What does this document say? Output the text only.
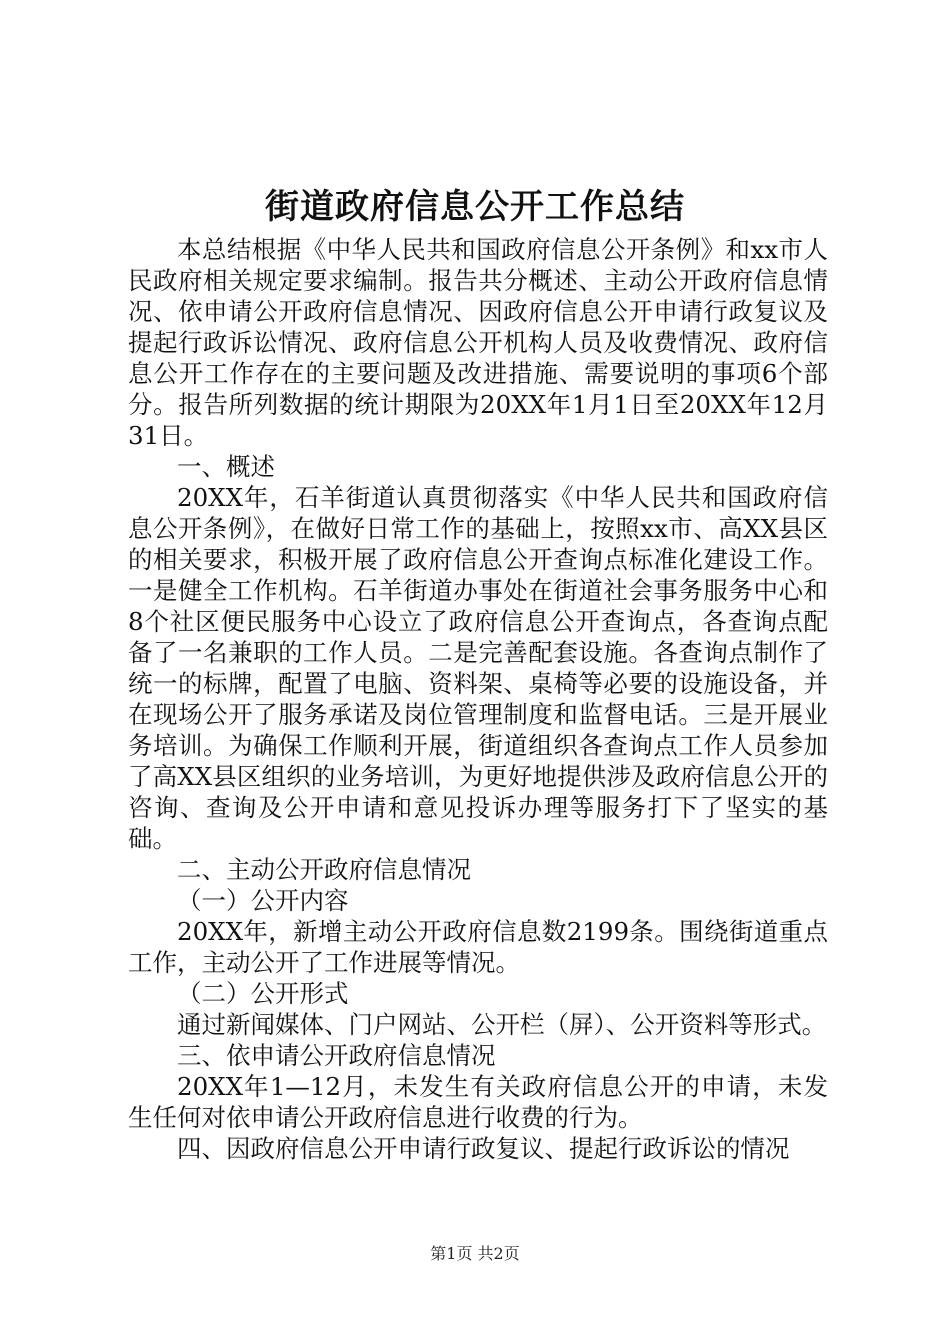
街道政府信息公开工作总结

本总结根据《中华人民共和国政府信息公开条例》和xx市人民政府相关规定要求编制。报告共分概述、主动公开政府信息情况、依申请公开政府信息情况、因政府信息公开申请行政复议及提起行政诉讼情况、政府信息公开机构人员及收费情况、政府信息公开工作存在的主要问题及改进措施、需要说明的事项6个部分。报告所列数据的统计期限为20XX年1月1日至20XX年12月31日。

一、概述

20XX年，石羊街道认真贯彻落实《中华人民共和国政府信息公开条例》，在做好日常工作的基础上，按照xx市、高XX县区的相关要求，积极开展了政府信息公开查询点标准化建设工作。一是健全工作机构。石羊街道办事处在街道社会事务服务中心和8个社区便民服务中心设立了政府信息公开查询点，各查询点配备了一名兼职的工作人员。二是完善配套设施。各查询点制作了统一的标牌，配置了电脑、资料架、桌椅等必要的设施设备，并在现场公开了服务承诺及岗位管理制度和监督电话。三是开展业务培训。为确保工作顺利开展，街道组织各查询点工作人员参加了高XX县区组织的业务培训，为更好地提供涉及政府信息公开的咨询、查询及公开申请和意见投诉办理等服务打下了坚实的基础。

二、主动公开政府信息情况

（一）公开内容

20XX年，新增主动公开政府信息数2199条。围绕街道重点工作，主动公开了工作进展等情况。

（二）公开形式

通过新闻媒体、门户网站、公开栏（屏）、公开资料等形式。

三、依申请公开政府信息情况

20XX年1—12月，未发生有关政府信息公开的申请，未发生任何对依申请公开政府信息进行收费的行为。

四、因政府信息公开申请行政复议、提起行政诉讼的情况

第1页 共2页
